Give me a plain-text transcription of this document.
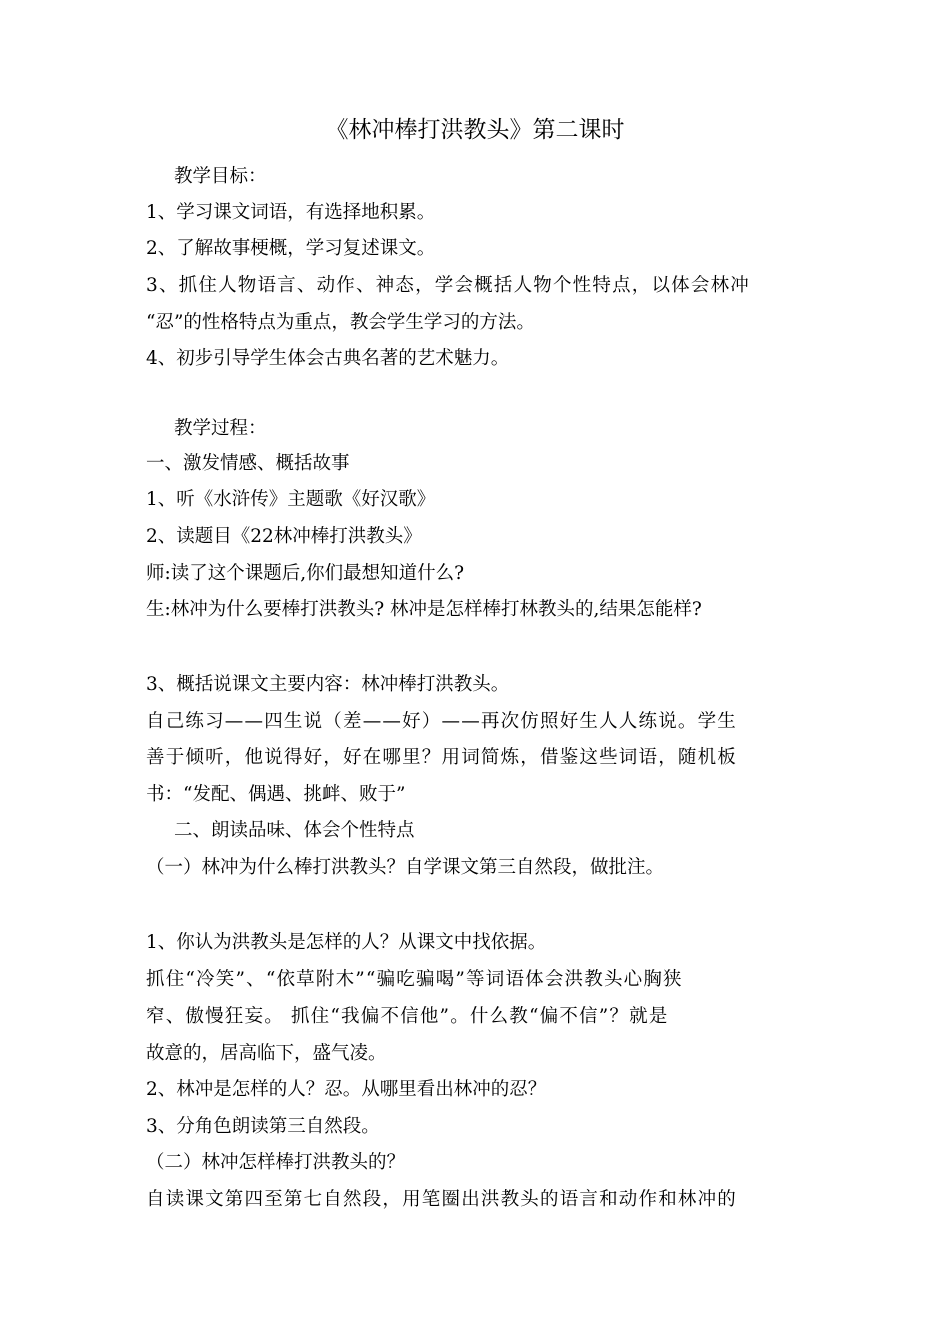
《林冲棒打洪教头》第二课时
教学目标：
1、学习课文词语，有选择地积累。
2、了解故事梗概，学习复述课文。
3、抓住人物语言、动作、神态，学会概括人物个性特点，以体会林冲
“忍”的性格特点为重点，教会学生学习的方法。
4、初步引导学生体会古典名著的艺术魅力。
教学过程：
一、激发情感、概括故事
1、听《水浒传》主题歌《好汉歌》
2、读题目《22林冲棒打洪教头》
师:读了这个课题后,你们最想知道什么?
生:林冲为什么要棒打洪教头? 林冲是怎样棒打林教头的,结果怎能样?
3、概括说课文主要内容：林冲棒打洪教头。
自己练习——四生说（差——好）——再次仿照好生人人练说。学生
善于倾听，他说得好，好在哪里？用词简炼，借鉴这些词语，随机板
书：“发配、偶遇、挑衅、败于”
二、朗读品味、体会个性特点
（一）林冲为什么棒打洪教头？自学课文第三自然段，做批注。
1、你认为洪教头是怎样的人？从课文中找依据。
抓住“冷笑”、“依草附木”“骗吃骗喝”等词语体会洪教头心胸狭
窄、傲慢狂妄。 抓住“我偏不信他”。什么教“偏不信”？就是
故意的，居高临下，盛气凌。
2、林冲是怎样的人？忍。从哪里看出林冲的忍？
3、分角色朗读第三自然段。
（二）林冲怎样棒打洪教头的？
自读课文第四至第七自然段，用笔圈出洪教头的语言和动作和林冲的
